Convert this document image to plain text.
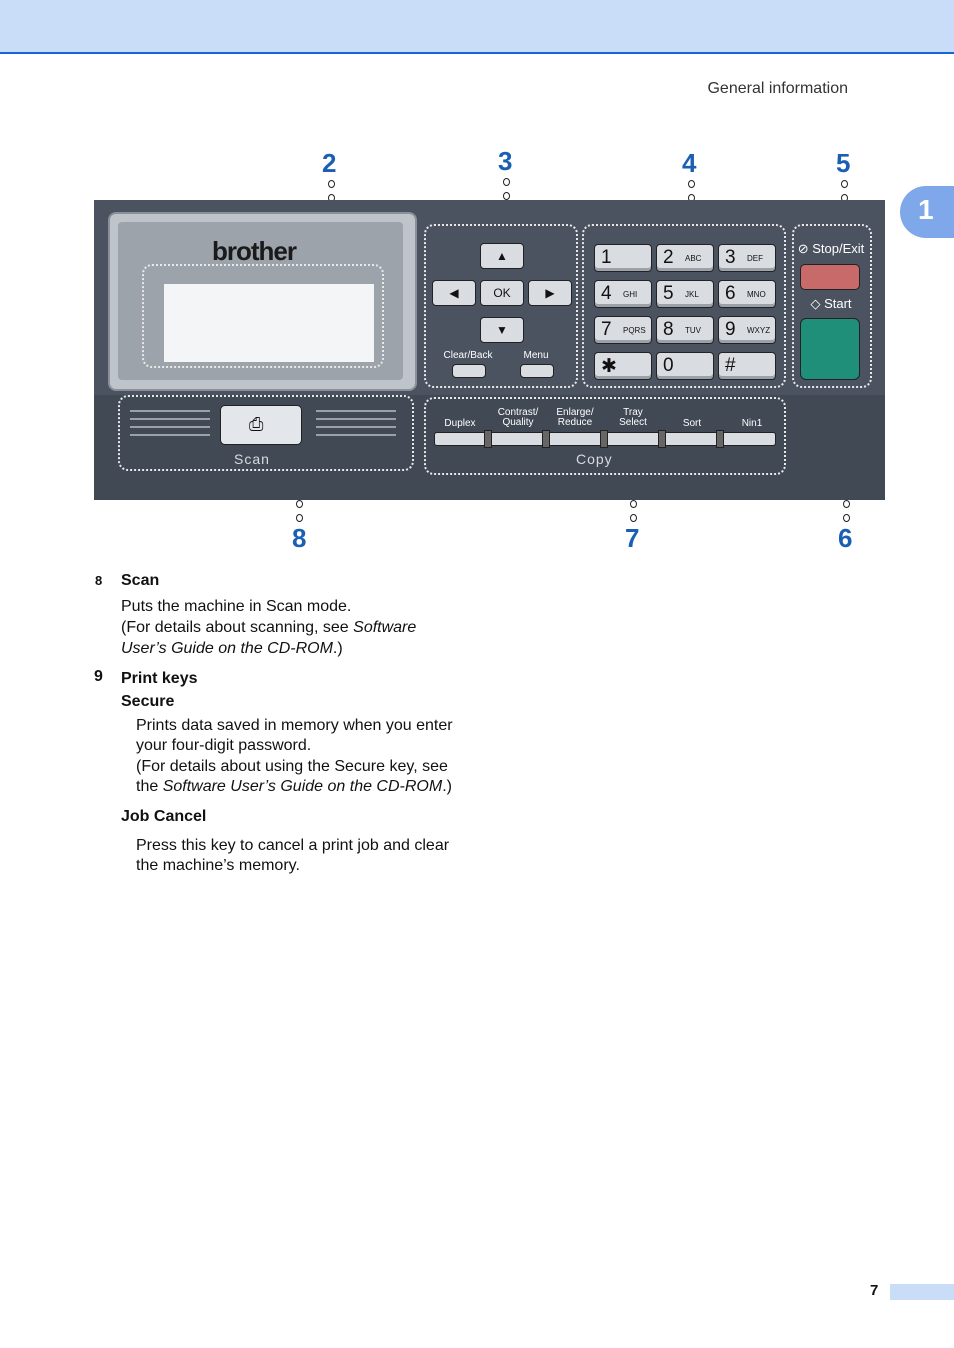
General information
1
2	3	4	5
8	7	6
brother	▲
◀	OK	▶
▼
Clear/Back	Menu
1	2 ABC 3 DEF
4 GHI 5 JKL 6 MNO
7 PQRS 8 TUV 9 WXYZ
✱ 0	#
⊘ Stop/Exit
◇ Start
⎙
Scan
Duplex
Contrast/
Quality
Enlarge/
Reduce
Tray
Select	Sort	Nin1
Copy
8 Scan
Puts the machine in Scan mode.
(For details about scanning, see Software
User’s Guide on the CD-ROM.)
9 Print keys
Secure
Prints data saved in memory when you enter
your four-digit password.
(For details about using the Secure key, see
the Software User’s Guide on the CD-ROM.)
Job Cancel
Press this key to cancel a print job and clear
the machine’s memory.
7
